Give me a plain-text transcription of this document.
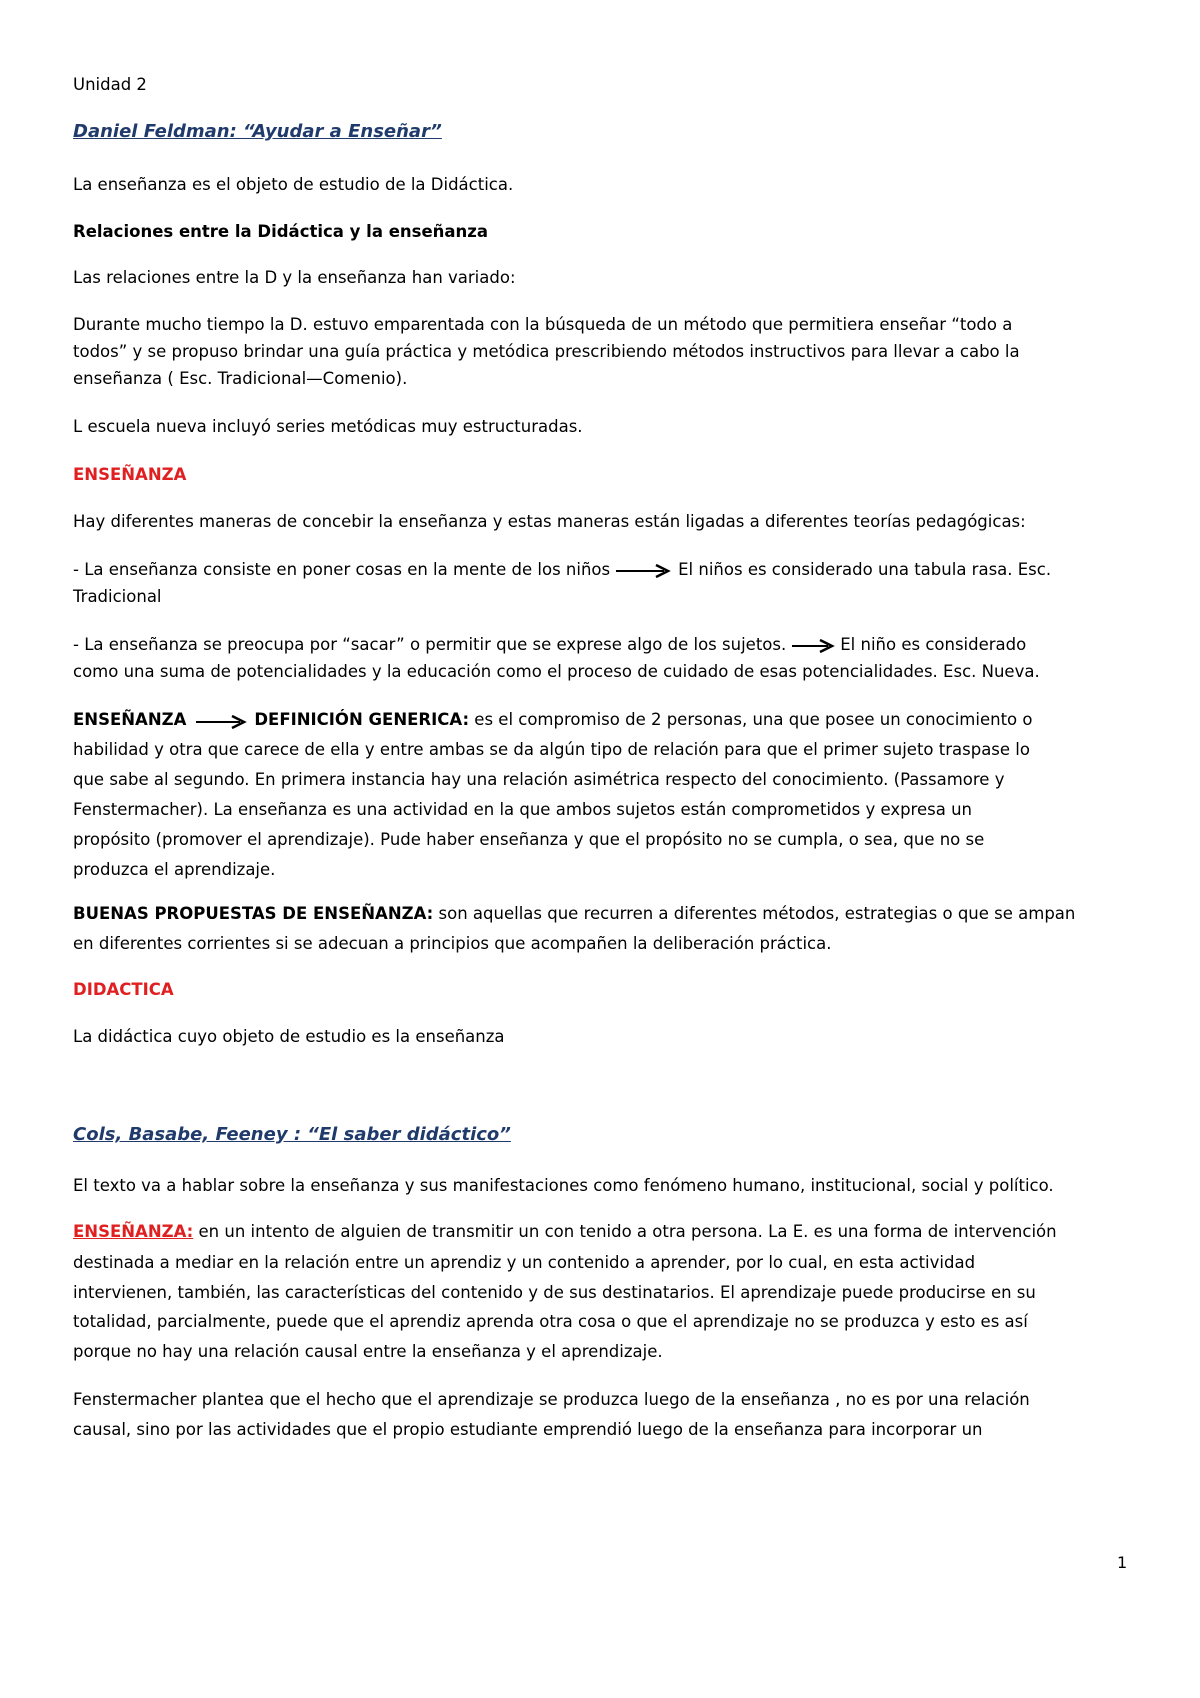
Unidad 2
Daniel Feldman: “Ayudar a Enseñar”
La enseñanza es el objeto de estudio de la Didáctica.
Relaciones entre la Didáctica y la enseñanza
Las relaciones entre la D y la enseñanza han variado:
Durante mucho tiempo la D. estuvo emparentada con la búsqueda de un método que permitiera enseñar “todo a
todos” y se propuso brindar una guía práctica y metódica prescribiendo métodos instructivos para llevar a cabo la
enseñanza ( Esc. Tradicional—Comenio).
L escuela nueva incluyó series metódicas muy estructuradas.
ENSEÑANZA
Hay diferentes maneras de concebir la enseñanza y estas maneras están ligadas a diferentes teorías pedagógicas:
- La enseñanza consiste en poner cosas en la mente de los niños	El niños es considerado una tabula rasa. Esc.
Tradicional
- La enseñanza se preocupa por “sacar” o permitir que se exprese algo de los sujetos.	El niño es considerado
como una suma de potencialidades y la educación como el proceso de cuidado de esas potencialidades. Esc. Nueva.
ENSEÑANZA	DEFINICIÓN GENERICA: es el compromiso de 2 personas, una que posee un conocimiento o
habilidad y otra que carece de ella y entre ambas se da algún tipo de relación para que el primer sujeto traspase lo
que sabe al segundo. En primera instancia hay una relación asimétrica respecto del conocimiento. (Passamore y
Fenstermacher). La enseñanza es una actividad en la que ambos sujetos están comprometidos y expresa un
propósito (promover el aprendizaje). Pude haber enseñanza y que el propósito no se cumpla, o sea, que no se
produzca el aprendizaje.
BUENAS PROPUESTAS DE ENSEÑANZA: son aquellas que recurren a diferentes métodos, estrategias o que se ampan
en diferentes corrientes si se adecuan a principios que acompañen la deliberación práctica.
DIDACTICA
La didáctica cuyo objeto de estudio es la enseñanza
Cols, Basabe, Feeney : “El saber didáctico”
El texto va a hablar sobre la enseñanza y sus manifestaciones como fenómeno humano, institucional, social y político.
ENSEÑANZA: en un intento de alguien de transmitir un con tenido a otra persona. La E. es una forma de intervención
destinada a mediar en la relación entre un aprendiz y un contenido a aprender, por lo cual, en esta actividad
intervienen, también, las características del contenido y de sus destinatarios. El aprendizaje puede producirse en su
totalidad, parcialmente, puede que el aprendiz aprenda otra cosa o que el aprendizaje no se produzca y esto es así
porque no hay una relación causal entre la enseñanza y el aprendizaje.
Fenstermacher plantea que el hecho que el aprendizaje se produzca luego de la enseñanza , no es por una relación
causal, sino por las actividades que el propio estudiante emprendió luego de la enseñanza para incorporar un
1
